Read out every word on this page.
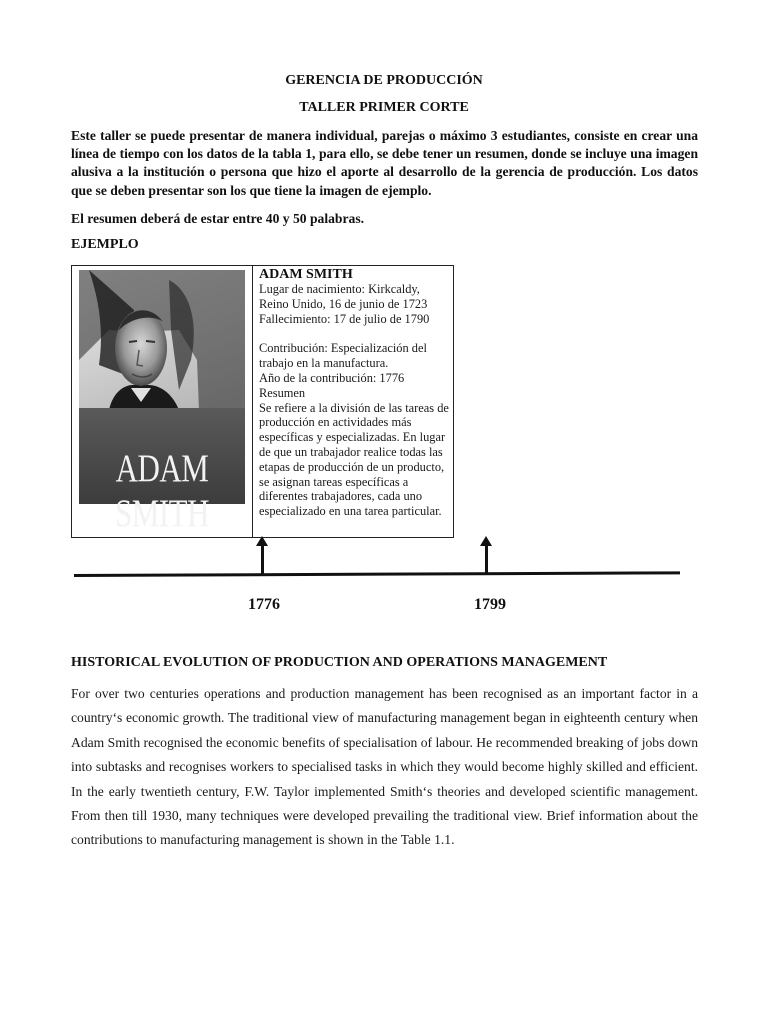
GERENCIA DE PRODUCCIÓN
TALLER PRIMER CORTE
Este taller se puede presentar de manera individual, parejas o máximo 3 estudiantes, consiste en crear una línea de tiempo con los datos de la tabla 1, para ello, se debe tener un resumen, donde se incluye una imagen alusiva a la institución o persona que hizo el aporte al desarrollo de la gerencia de producción. Los datos que se deben presentar son los que tiene la imagen de ejemplo.
El resumen deberá de estar entre 40 y 50 palabras.
EJEMPLO
ADAM SMITH
ADAM SMITH
Lugar de nacimiento: Kirkcaldy, Reino Unido, 16 de junio de 1723
Fallecimiento: 17 de julio de 1790
Contribución: Especialización del trabajo en la manufactura.
Año de la contribución: 1776
Resumen
Se refiere a la división de las tareas de producción en actividades más específicas y especializadas. En lugar de que un trabajador realice todas las etapas de producción de un producto, se asignan tareas específicas a diferentes trabajadores, cada uno especializado en una tarea particular.
1776	1799
HISTORICAL EVOLUTION OF PRODUCTION AND OPERATIONS MANAGEMENT
For over two centuries operations and production management has been recognised as an important factor in a country‘s economic growth. The traditional view of manufacturing management began in eighteenth century when Adam Smith recognised the economic benefits of specialisation of labour. He recommended breaking of jobs down into subtasks and recognises workers to specialised tasks in which they would become highly skilled and efficient. In the early twentieth century, F.W. Taylor implemented Smith‘s theories and developed scientific management. From then till 1930, many techniques were developed prevailing the traditional view. Brief information about the contributions to manufacturing management is shown in the Table 1.1.
